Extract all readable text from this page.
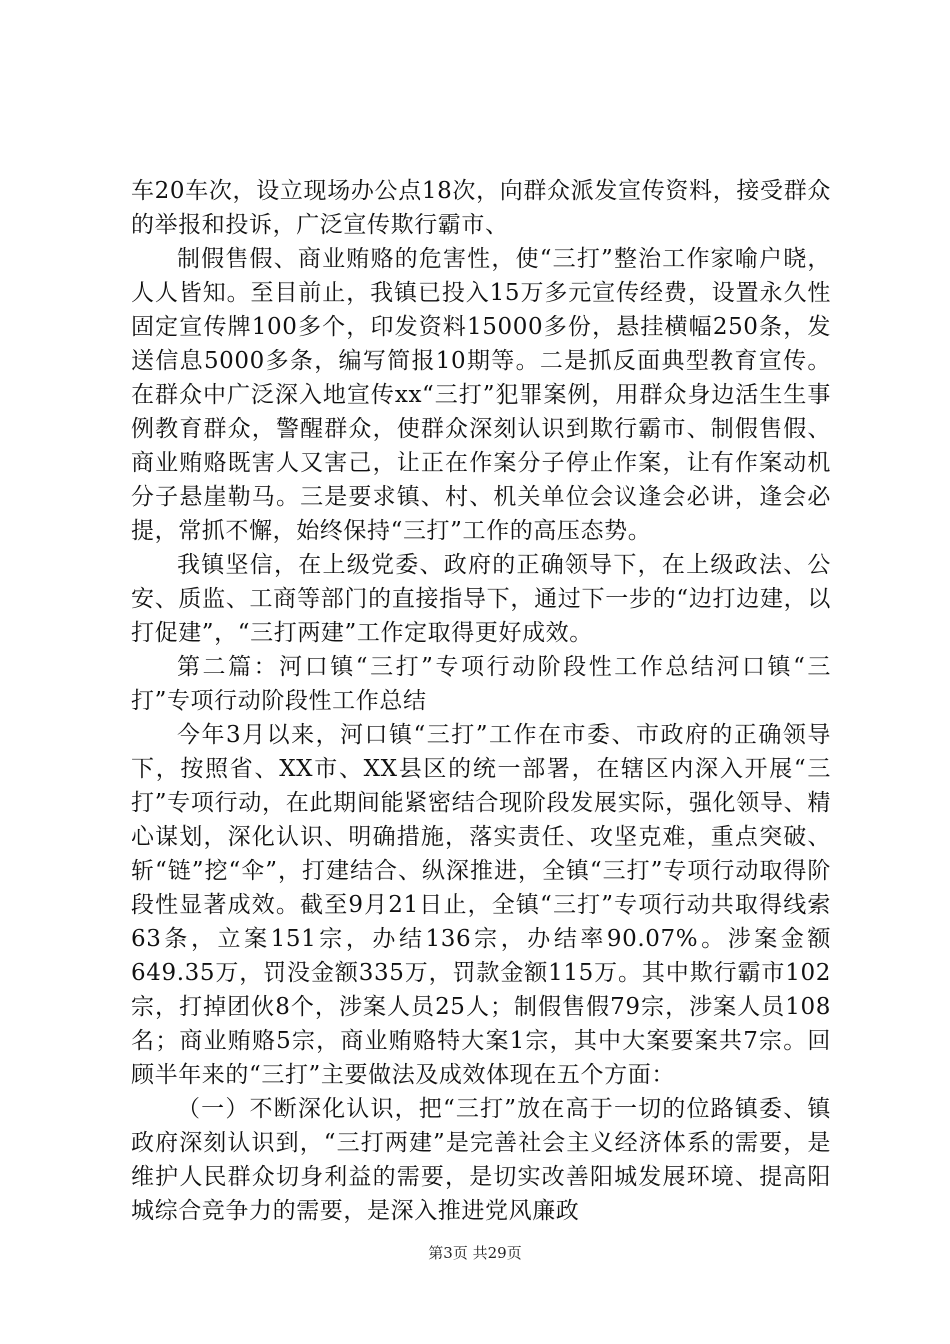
车20车次，设立现场办公点18次，向群众派发宣传资料，接受群众的举报和投诉，广泛宣传欺行霸市、

制假售假、商业贿赂的危害性，使“三打”整治工作家喻户晓，人人皆知。至目前止，我镇已投入15万多元宣传经费，设置永久性固定宣传牌100多个，印发资料15000多份，悬挂横幅250条，发送信息5000多条，编写简报10期等。二是抓反面典型教育宣传。在群众中广泛深入地宣传xx“三打”犯罪案例，用群众身边活生生事例教育群众，警醒群众，使群众深刻认识到欺行霸市、制假售假、商业贿赂既害人又害己，让正在作案分子停止作案，让有作案动机分子悬崖勒马。三是要求镇、村、机关单位会议逢会必讲，逢会必提，常抓不懈，始终保持“三打”工作的高压态势。

我镇坚信，在上级党委、政府的正确领导下，在上级政法、公安、质监、工商等部门的直接指导下，通过下一步的“边打边建，以打促建”，“三打两建”工作定取得更好成效。

第二篇：河口镇“三打”专项行动阶段性工作总结河口镇“三打”专项行动阶段性工作总结

今年3月以来，河口镇“三打”工作在市委、市政府的正确领导下，按照省、XX市、XX县区的统一部署，在辖区内深入开展“三打”专项行动，在此期间能紧密结合现阶段发展实际，强化领导、精心谋划，深化认识、明确措施，落实责任、攻坚克难，重点突破、斩“链”挖“伞”，打建结合、纵深推进，全镇“三打”专项行动取得阶段性显著成效。截至9月21日止，全镇“三打”专项行动共取得线索63条，立案151宗，办结136宗，办结率90.07%。涉案金额649.35万，罚没金额335万，罚款金额115万。其中欺行霸市102宗，打掉团伙8个，涉案人员25人；制假售假79宗，涉案人员108名；商业贿赂5宗，商业贿赂特大案1宗，其中大案要案共7宗。回顾半年来的“三打”主要做法及成效体现在五个方面：

（一）不断深化认识，把“三打”放在高于一切的位路镇委、镇政府深刻认识到，“三打两建”是完善社会主义经济体系的需要，是维护人民群众切身利益的需要，是切实改善阳城发展环境、提高阳城综合竞争力的需要，是深入推进党风廉政

第3页 共29页
